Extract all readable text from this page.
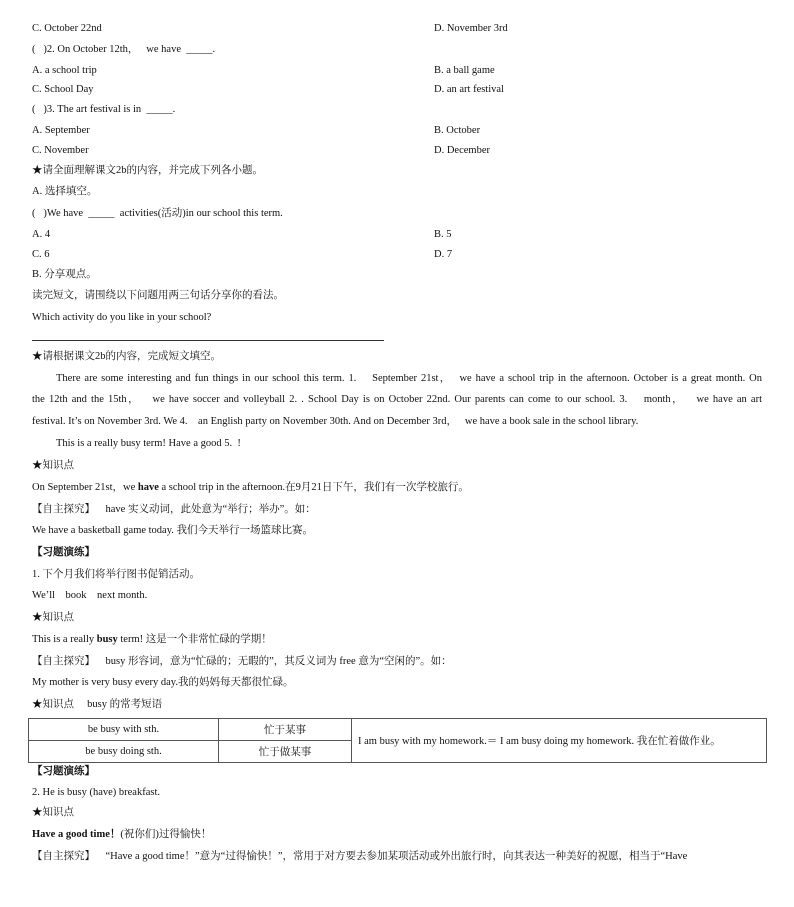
C. October 22nd	D. November 3rd
(   )2. On October 12th，   we have  _____.
A. a school trip	B. a ball game
C. School Day	D. an art festival
(   )3. The art festival is in  _____.
A. September	B. October
C. November	D. December
★请全面理解课文2b的内容，并完成下列各小题。
A. 选择填空。
(   )We have  _____  activities(活动)in our school this term.
A. 4	B. 5
C. 6	D. 7
B. 分享观点。
读完短文，请围绕以下问题用两三句话分享你的看法。
Which activity do you like in your school?
★请根据课文2b的内容，完成短文填空。
There are some interesting and fun things in our school this term. 1.    September 21st，  we have a school trip in the afternoon. October is a great month. On
the 12th and the 15th，   we have soccer and volleyball 2. . School Day is on October 22nd. Our parents can come to our school. 3.    month，   we have an art
festival. It’s on November 3rd. We 4.    an English party on November 30th. And on December 3rd，   we have a book sale in the school library.
This is a really busy term! Have a good 5.  !
★知识点
On September 21st，we have a school trip in the afternoon.在9月21日下午，我们有一次学校旅行。
【自主探究】    have 实义动词，此处意为“举行；举办”。如：
We have a basketball game today. 我们今天举行一场篮球比赛。
【习题演练】
1. 下个月我们将举行图书促销活动。
We’ll    book    next month.
★知识点
This is a really busy term! 这是一个非常忙碌的学期！
【自主探究】    busy 形容词，意为“忙碌的；无暇的”，其反义词为 free 意为“空闲的”。如：
My mother is very busy every day.我的妈妈每天都很忙碌。
★知识点     busy 的常考短语
be busy with sth.	忙于某事	I am busy with my homework.＝ I am busy doing my homework. 我在忙着做作业。
be busy doing sth.	忙于做某事	
【习题演练】
2. He is busy (have) breakfast.
★知识点
Have a good time！(祝你们)过得愉快！
【自主探究】    “Have a good time！”意为“过得愉快！”，常用于对方要去参加某项活动或外出旅行时，向其表达一种美好的祝愿，相当于“Have
